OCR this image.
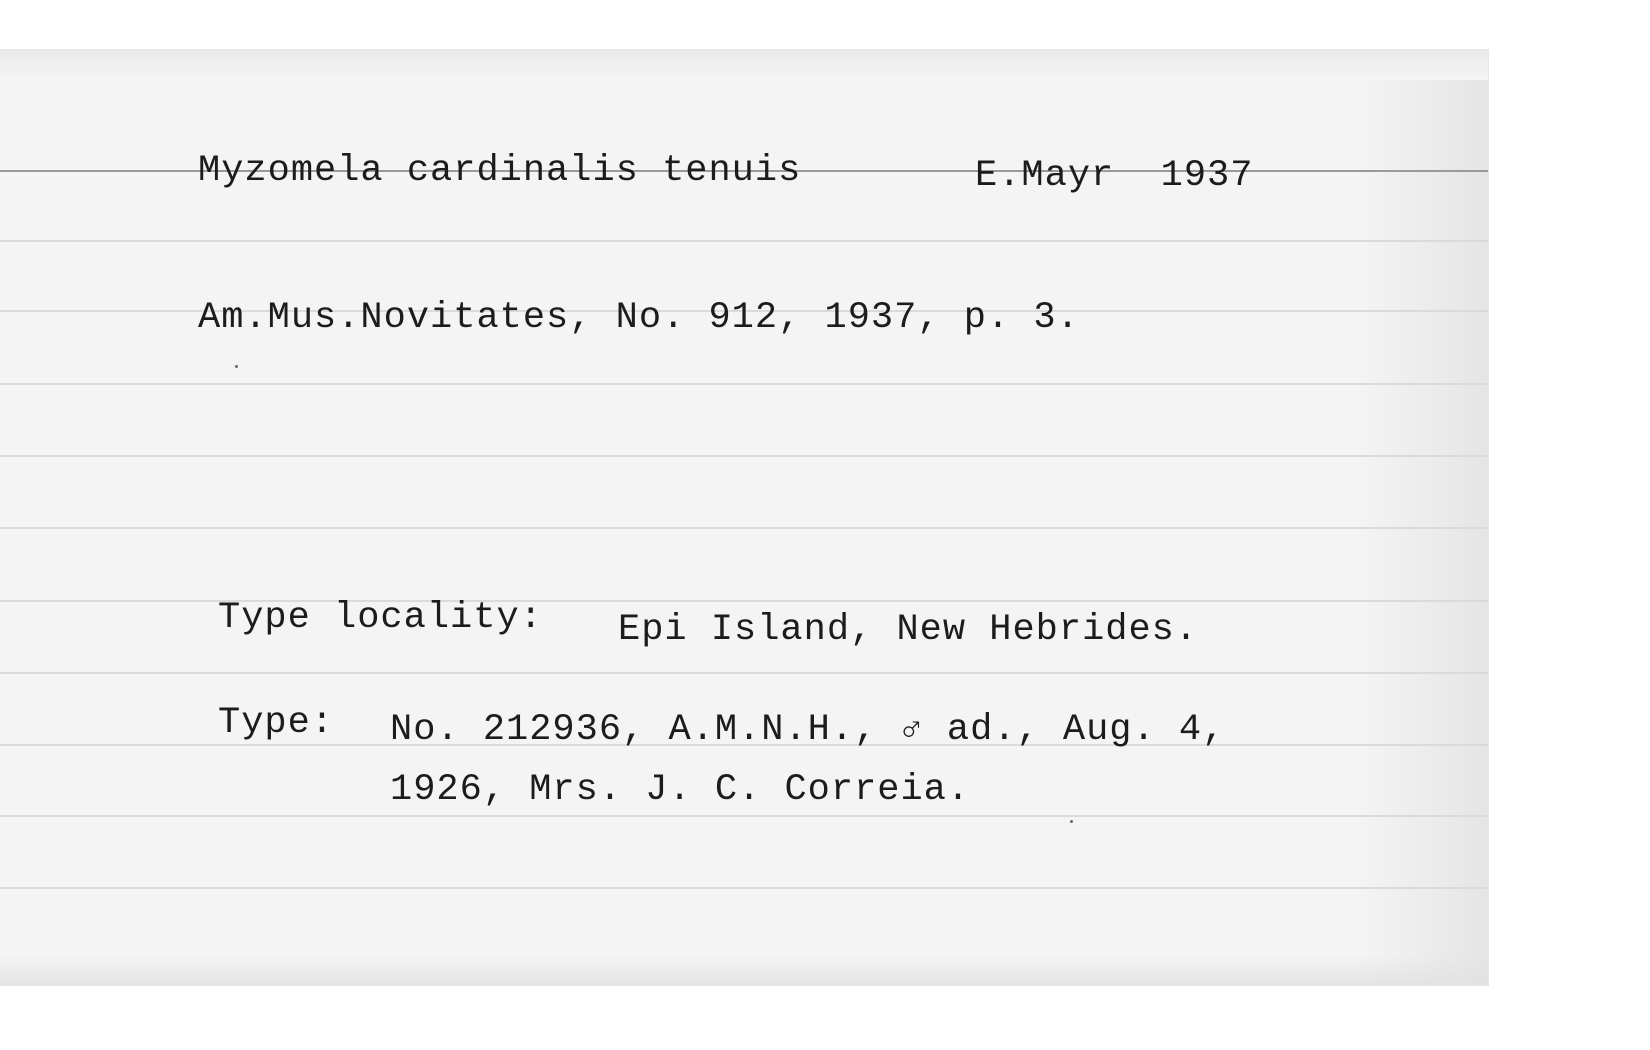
Myzomela cardinalis tenuis	E.Mayr  1937
Am.Mus.Novitates, No. 912, 1937, p. 3.
Type locality: Epi Island, New Hebrides.
Type: No. 212936, A.M.N.H., ♂ ad., Aug. 4,
1926, Mrs. J. C. Correia.
